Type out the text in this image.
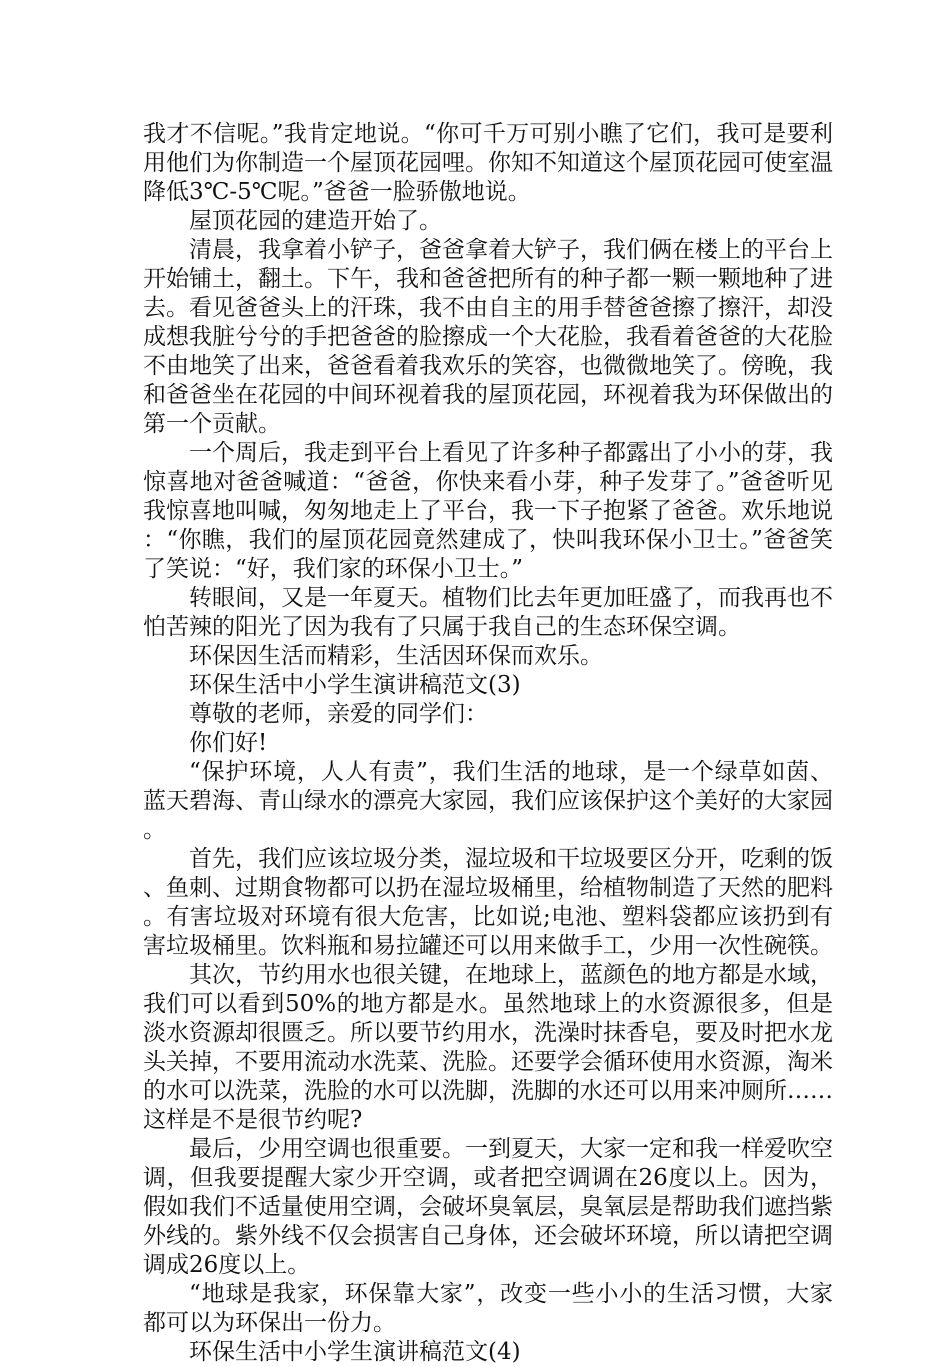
我才不信呢。”我肯定地说。“你可千万可别小瞧了它们，我可是要利用他们为你制造一个屋顶花园哩。你知不知道这个屋顶花园可使室温降低3℃-5℃呢。”爸爸一脸骄傲地说。

屋顶花园的建造开始了。

清晨，我拿着小铲子，爸爸拿着大铲子，我们俩在楼上的平台上开始铺土，翻土。下午，我和爸爸把所有的种子都一颗一颗地种了进去。看见爸爸头上的汗珠，我不由自主的用手替爸爸擦了擦汗，却没成想我脏兮兮的手把爸爸的脸擦成一个大花脸，我看着爸爸的大花脸不由地笑了出来，爸爸看着我欢乐的笑容，也微微地笑了。傍晚，我和爸爸坐在花园的中间环视着我的屋顶花园，环视着我为环保做出的第一个贡献。

一个周后，我走到平台上看见了许多种子都露出了小小的芽，我惊喜地对爸爸喊道：“爸爸，你快来看小芽，种子发芽了。”爸爸听见我惊喜地叫喊，匆匆地走上了平台，我一下子抱紧了爸爸。欢乐地说：“你瞧，我们的屋顶花园竟然建成了，快叫我环保小卫士。”爸爸笑了笑说：“好，我们家的环保小卫士。”

转眼间，又是一年夏天。植物们比去年更加旺盛了，而我再也不怕苦辣的阳光了因为我有了只属于我自己的生态环保空调。

环保因生活而精彩，生活因环保而欢乐。

环保生活中小学生演讲稿范文(3)

尊敬的老师，亲爱的同学们：

你们好!

“保护环境，人人有责”，我们生活的地球，是一个绿草如茵、蓝天碧海、青山绿水的漂亮大家园，我们应该保护这个美好的大家园。

首先，我们应该垃圾分类，湿垃圾和干垃圾要区分开，吃剩的饭、鱼刺、过期食物都可以扔在湿垃圾桶里，给植物制造了天然的肥料。有害垃圾对环境有很大危害，比如说;电池、塑料袋都应该扔到有害垃圾桶里。饮料瓶和易拉罐还可以用来做手工，少用一次性碗筷。

其次，节约用水也很关键，在地球上，蓝颜色的地方都是水域，我们可以看到50%的地方都是水。虽然地球上的水资源很多，但是淡水资源却很匮乏。所以要节约用水，洗澡时抹香皂，要及时把水龙头关掉，不要用流动水洗菜、洗脸。还要学会循环使用水资源，淘米的水可以洗菜，洗脸的水可以洗脚，洗脚的水还可以用来冲厕所……这样是不是很节约呢?

最后，少用空调也很重要。一到夏天，大家一定和我一样爱吹空调，但我要提醒大家少开空调，或者把空调调在26度以上。因为，假如我们不适量使用空调，会破坏臭氧层，臭氧层是帮助我们遮挡紫外线的。紫外线不仅会损害自己身体，还会破坏环境，所以请把空调调成26度以上。

“地球是我家，环保靠大家”，改变一些小小的生活习惯，大家都可以为环保出一份力。

环保生活中小学生演讲稿范文(4)
